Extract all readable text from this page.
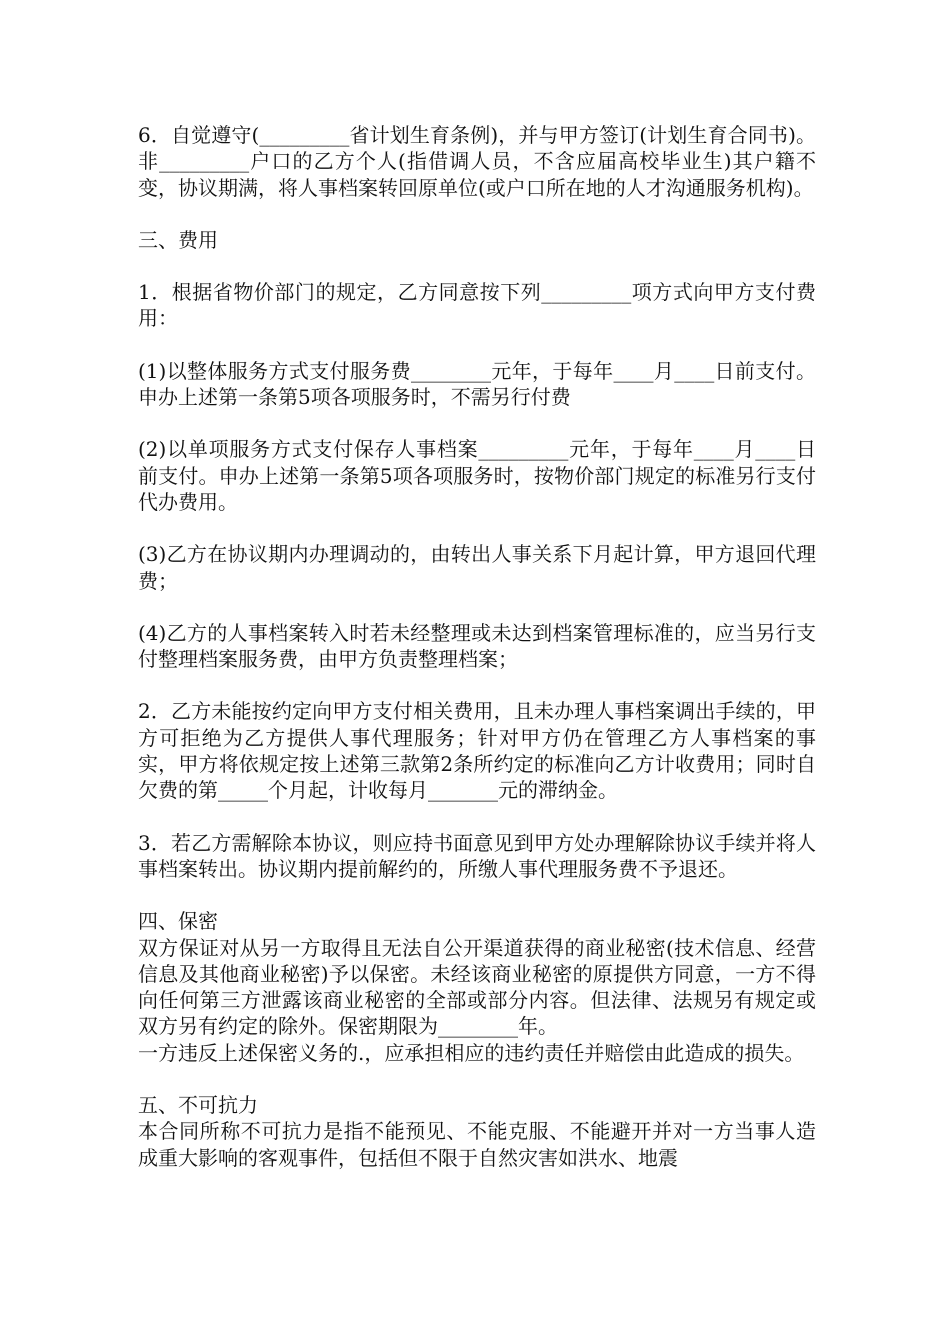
6．自觉遵守(_________省计划生育条例)，并与甲方签订(计划生育合同书)。非_________户口的乙方个人(指借调人员，不含应届高校毕业生)其户籍不变，协议期满，将人事档案转回原单位(或户口所在地的人才沟通服务机构)。

三、费用

1．根据省物价部门的规定，乙方同意按下列_________项方式向甲方支付费用：

(1)以整体服务方式支付服务费________元年，于每年____月____日前支付。申办上述第一条第5项各项服务时，不需另行付费

(2)以单项服务方式支付保存人事档案_________元年，于每年____月____日前支付。申办上述第一条第5项各项服务时，按物价部门规定的标准另行支付代办费用。

(3)乙方在协议期内办理调动的，由转出人事关系下月起计算，甲方退回代理费；

(4)乙方的人事档案转入时若未经整理或未达到档案管理标准的，应当另行支付整理档案服务费，由甲方负责整理档案；

2．乙方未能按约定向甲方支付相关费用，且未办理人事档案调出手续的，甲方可拒绝为乙方提供人事代理服务；针对甲方仍在管理乙方人事档案的事实，甲方将依规定按上述第三款第2条所约定的标准向乙方计收费用；同时自欠费的第_____个月起，计收每月_______元的滞纳金。

3．若乙方需解除本协议，则应持书面意见到甲方处办理解除协议手续并将人事档案转出。协议期内提前解约的，所缴人事代理服务费不予退还。

四、保密

双方保证对从另一方取得且无法自公开渠道获得的商业秘密(技术信息、经营信息及其他商业秘密)予以保密。未经该商业秘密的原提供方同意，一方不得向任何第三方泄露该商业秘密的全部或部分内容。但法律、法规另有规定或双方另有约定的除外。保密期限为________年。

一方违反上述保密义务的.，应承担相应的违约责任并赔偿由此造成的损失。

五、不可抗力

本合同所称不可抗力是指不能预见、不能克服、不能避开并对一方当事人造成重大影响的客观事件，包括但不限于自然灾害如洪水、地震
